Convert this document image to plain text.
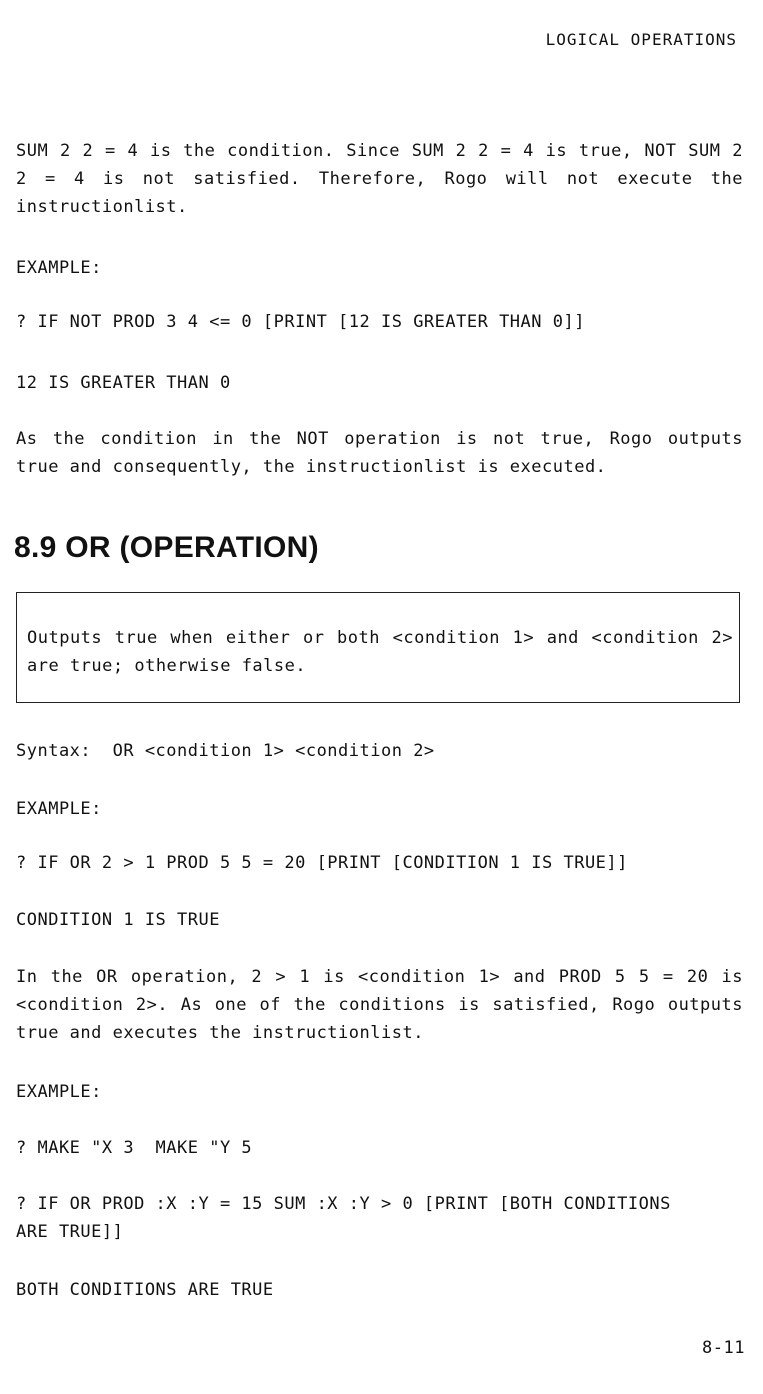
LOGICAL OPERATIONS
SUM 2 2 = 4 is the condition. Since SUM 2 2 = 4 is true, NOT SUM 2 2 = 4 is not satisfied. Therefore, Rogo will not execute the instructionlist.
EXAMPLE:
? IF NOT PROD 3 4 <= 0 [PRINT [12 IS GREATER THAN 0]]
12 IS GREATER THAN 0
As the condition in the NOT operation is not true, Rogo outputs true and consequently, the instructionlist is executed.
8.9 OR (OPERATION)
Outputs true when either or both <condition 1> and <condition 2> are true; otherwise false.
Syntax:  OR <condition 1> <condition 2>
EXAMPLE:
? IF OR 2 > 1 PROD 5 5 = 20 [PRINT [CONDITION 1 IS TRUE]]
CONDITION 1 IS TRUE
In the OR operation, 2 > 1 is <condition 1> and PROD 5 5 = 20 is <condition 2>. As one of the conditions is satisfied, Rogo outputs true and executes the instructionlist.
EXAMPLE:
? MAKE "X 3  MAKE "Y 5
? IF OR PROD :X :Y = 15 SUM :X :Y > 0 [PRINT [BOTH CONDITIONS
ARE TRUE]]
BOTH CONDITIONS ARE TRUE
8-11
